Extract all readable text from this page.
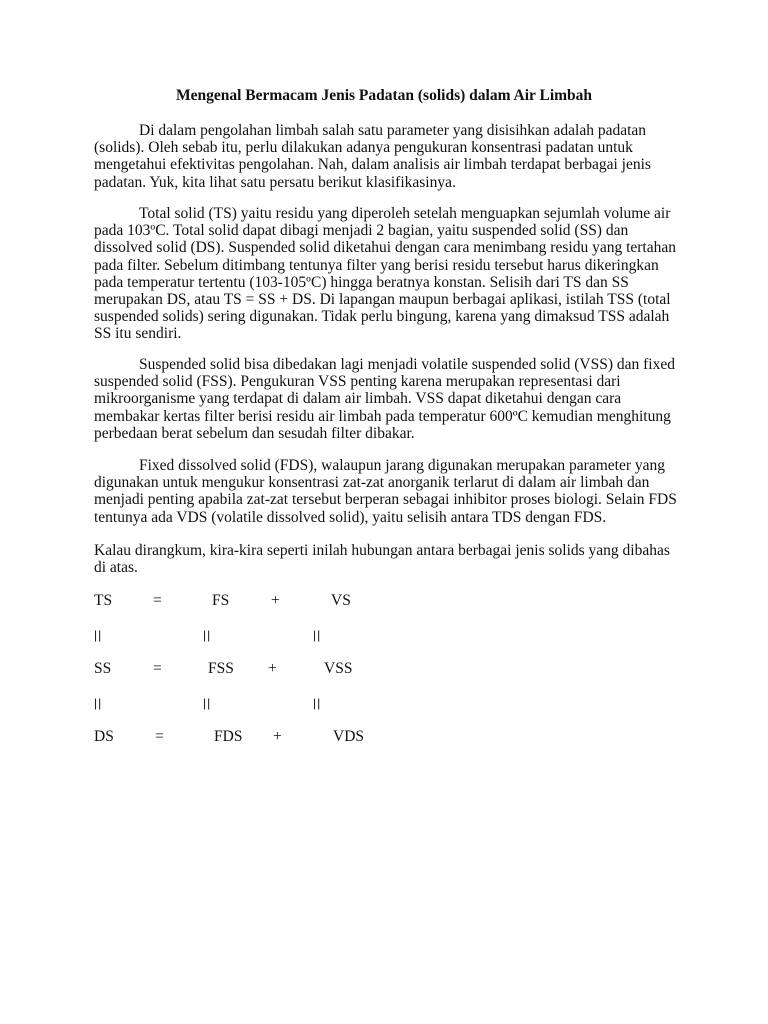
Mengenal Bermacam Jenis Padatan (solids) dalam Air Limbah
Di dalam pengolahan limbah salah satu parameter yang disisihkan adalah padatan
(solids). Oleh sebab itu, perlu dilakukan adanya pengukuran konsentrasi padatan untuk
mengetahui efektivitas pengolahan. Nah, dalam analisis air limbah terdapat berbagai jenis
padatan. Yuk, kita lihat satu persatu berikut klasifikasinya.
Total solid (TS) yaitu residu yang diperoleh setelah menguapkan sejumlah volume air
pada 103ºC. Total solid dapat dibagi menjadi 2 bagian, yaitu suspended solid (SS) dan
dissolved solid (DS). Suspended solid diketahui dengan cara menimbang residu yang tertahan
pada filter. Sebelum ditimbang tentunya filter yang berisi residu tersebut harus dikeringkan
pada temperatur tertentu (103-105ºC) hingga beratnya konstan. Selisih dari TS dan SS
merupakan DS, atau TS = SS + DS. Di lapangan maupun berbagai aplikasi, istilah TSS (total
suspended solids) sering digunakan. Tidak perlu bingung, karena yang dimaksud TSS adalah
SS itu sendiri.
Suspended solid bisa dibedakan lagi menjadi volatile suspended solid (VSS) dan fixed
suspended solid (FSS). Pengukuran VSS penting karena merupakan representasi dari
mikroorganisme yang terdapat di dalam air limbah. VSS dapat diketahui dengan cara
membakar kertas filter berisi residu air limbah pada temperatur 600ºC kemudian menghitung
perbedaan berat sebelum dan sesudah filter dibakar.
Fixed dissolved solid (FDS), walaupun jarang digunakan merupakan parameter yang
digunakan untuk mengukur konsentrasi zat-zat anorganik terlarut di dalam air limbah dan
menjadi penting apabila zat-zat tersebut berperan sebagai inhibitor proses biologi. Selain FDS
tentunya ada VDS (volatile dissolved solid), yaitu selisih antara TDS dengan FDS.
Kalau dirangkum, kira-kira seperti inilah hubungan antara berbagai jenis solids yang dibahas
di atas.
TS	=	FS	+	VS
||	||	||
SS	=	FSS +	VSS
||	||	||
DS	=	FDS +	VDS
